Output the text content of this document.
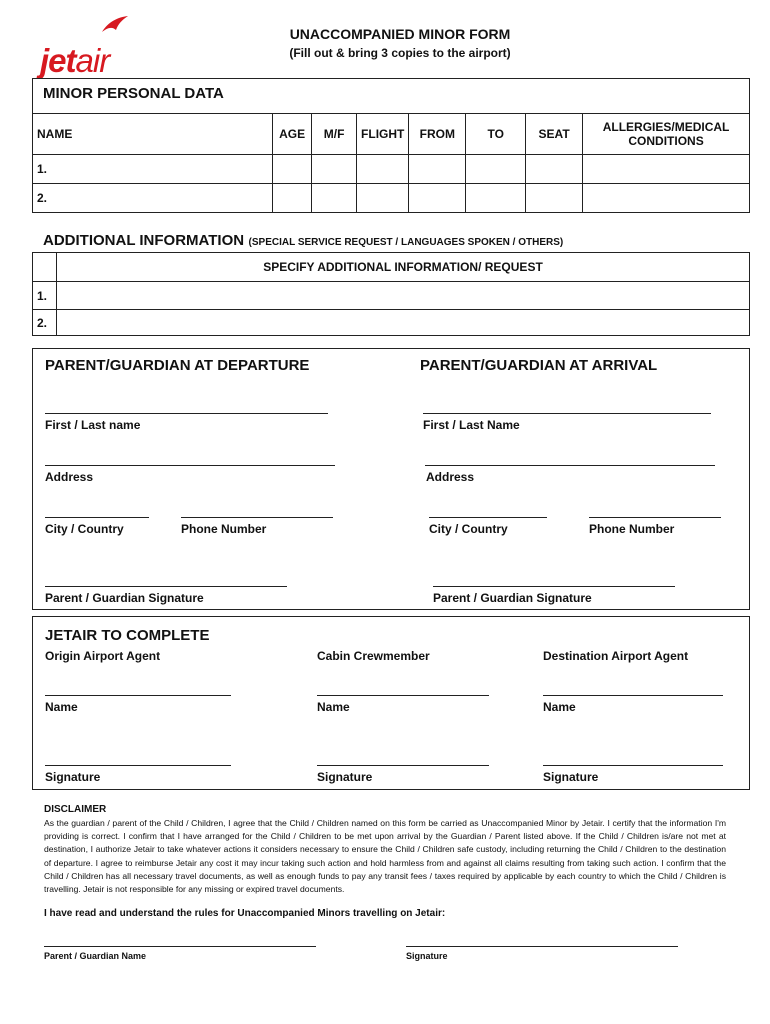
jetair
UNACCOMPANIED MINOR FORM
(Fill out & bring 3 copies to the airport)
MINOR PERSONAL DATA
NAME	AGE	M/F	FLIGHT	FROM	TO	SEAT	ALLERGIES/MEDICAL CONDITIONS
1.							
2.							
ADDITIONAL INFORMATION (SPECIAL SERVICE REQUEST / LANGUAGES SPOKEN / OTHERS)
	SPECIFY ADDITIONAL INFORMATION/ REQUEST
1.	
2.	
PARENT/GUARDIAN AT DEPARTURE	PARENT/GUARDIAN AT ARRIVAL
First / Last name	First / Last Name
Address	Address
City / Country	Phone Number	City / Country	Phone Number
Parent / Guardian Signature	Parent / Guardian Signature
JETAIR TO COMPLETE
Origin Airport Agent	Cabin Crewmember	Destination Airport Agent
Name	Name	Name
Signature	Signature	Signature
DISCLAIMER
As the guardian / parent of the Child / Children, I agree that the Child / Children named on this form be carried as Unaccompanied Minor by Jetair. I certify that the information I'm providing is correct. I confirm that I have arranged for the Child / Children to be met upon arrival by the Guardian / Parent listed above. If the Child / Children is/are not met at destination, I authorize Jetair to take whatever actions it considers necessary to ensure the Child / Children safe custody, including returning the Child / Children to the destination of departure. I agree to reimburse Jetair any cost it may incur taking such action and hold harmless from and against all claims resulting from taking such action. I confirm that the Child / Children has all necessary travel documents, as well as enough funds to pay any transit fees / taxes required by applicable by each country to which the Child / Children is travelling. Jetair is not responsible for any missing or expired travel documents.
I have read and understand the rules for Unaccompanied Minors travelling on Jetair:
Parent / Guardian Name	Signature
